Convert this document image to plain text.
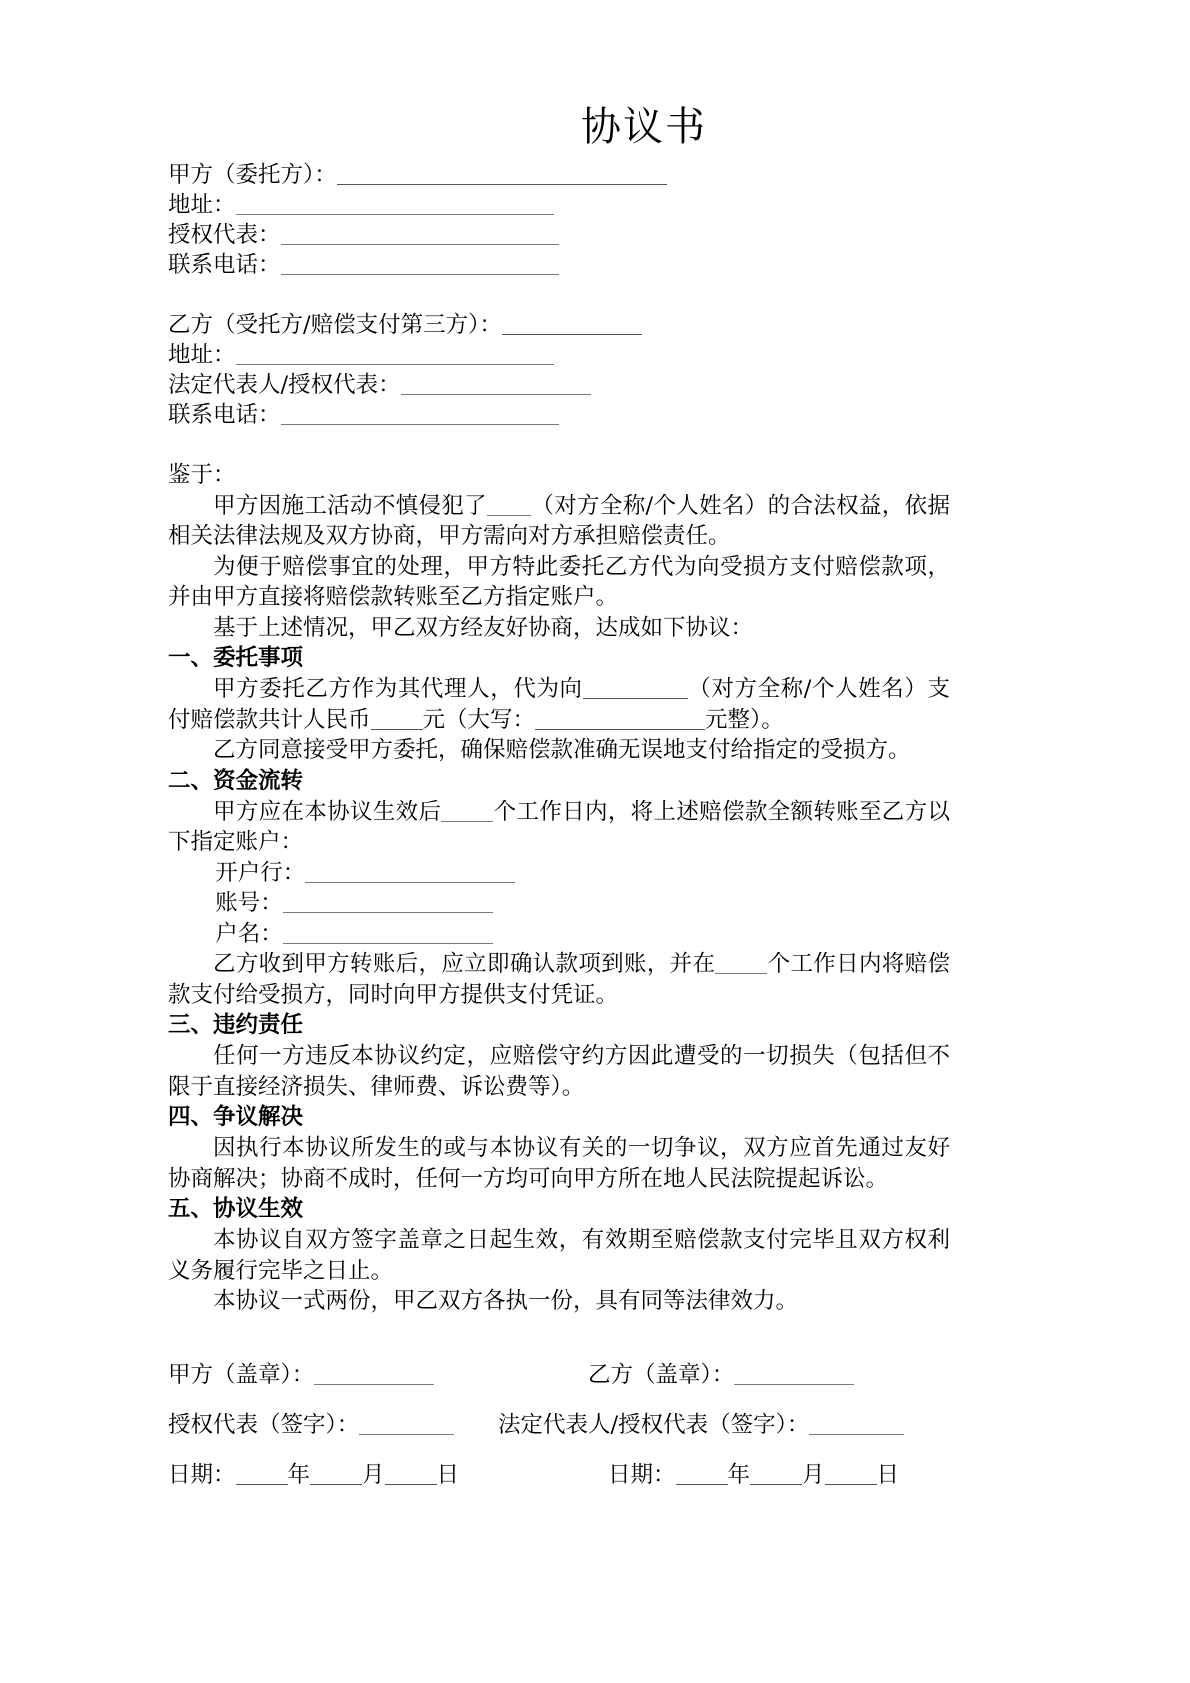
协议书
甲方（委托方）：
地址：
授权代表：
联系电话：
乙方（受托方/赔偿支付第三方）：
地址：
法定代表人/授权代表：
联系电话：

鉴于：

甲方因施工活动不慎侵犯了 （对方全称/个人姓名）的合法权益，依据相关法律法规及双方协商，甲方需向对方承担赔偿责任。

为便于赔偿事宜的处理，甲方特此委托乙方代为向受损方支付赔偿款项，并由甲方直接将赔偿款转账至乙方指定账户。

基于上述情况，甲乙双方经友好协商，达成如下协议：

一、委托事项

甲方委托乙方作为其代理人，代为向	（对方全称/个人姓名）支付赔偿款共计人民币 元（大写：	元整）。

乙方同意接受甲方委托，确保赔偿款准确无误地支付给指定的受损方。

二、资金流转

甲方应在本协议生效后 个工作日内，将上述赔偿款全额转账至乙方以下指定账户：

开户行：

账号：

户名：

乙方收到甲方转账后，应立即确认款项到账，并在 个工作日内将赔偿款支付给受损方，同时向甲方提供支付凭证。

三、违约责任

任何一方违反本协议约定，应赔偿守约方因此遭受的一切损失（包括但不限于直接经济损失、律师费、诉讼费等）。

四、争议解决

因执行本协议所发生的或与本协议有关的一切争议，双方应首先通过友好协商解决；协商不成时，任何一方均可向甲方所在地人民法院提起诉讼。

五、协议生效

本协议自双方签字盖章之日起生效，有效期至赔偿款支付完毕且双方权利义务履行完毕之日止。

本协议一式两份，甲乙双方各执一份，具有同等法律效力。

甲方（盖章）：	乙方（盖章）：
授权代表（签字）：	法定代表人/授权代表（签字）：
日期： 年 月 日	日期： 年 月 日
